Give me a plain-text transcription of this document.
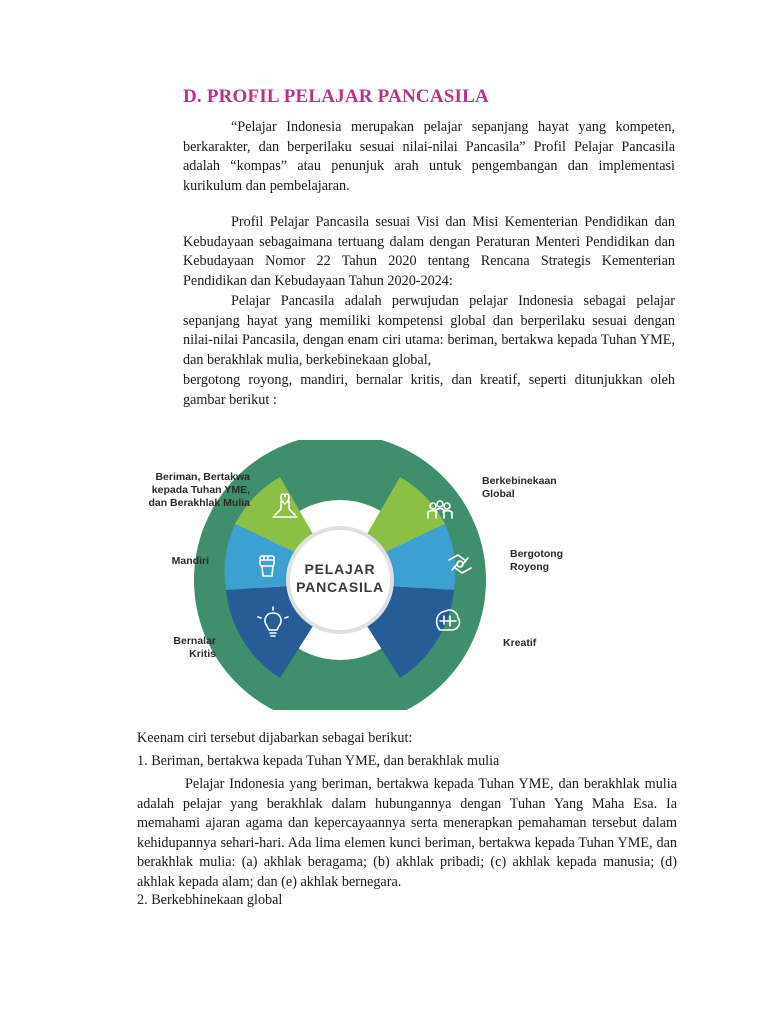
D. PROFIL PELAJAR PANCASILA

“Pelajar Indonesia merupakan pelajar sepanjang hayat yang kompeten, berkarakter, dan berperilaku sesuai nilai-nilai Pancasila” Profil Pelajar Pancasila adalah “kompas” atau penunjuk arah untuk pengembangan dan implementasi kurikulum dan pembelajaran.

Profil Pelajar Pancasila sesuai Visi dan Misi Kementerian Pendidikan dan Kebudayaan sebagaimana tertuang dalam dengan Peraturan Menteri Pendidikan dan Kebudayaan Nomor 22 Tahun 2020 tentang Rencana Strategis Kementerian Pendidikan dan Kebudayaan Tahun 2020-2024:

Pelajar Pancasila adalah perwujudan pelajar Indonesia sebagai pelajar sepanjang hayat yang memiliki kompetensi global dan berperilaku sesuai dengan nilai-nilai Pancasila, dengan enam ciri utama: beriman, bertakwa kepada Tuhan YME, dan berakhlak mulia, berkebinekaan global,

bergotong royong, mandiri, bernalar kritis, dan kreatif, seperti ditunjukkan oleh gambar berikut :

PELAJAR
PANCASILA
Beriman, Bertakwa
kepada Tuhan YME,
dan Berakhlak Mulia
Berkebinekaan
Global
Bergotong
Royong
Kreatif
Bernalar
Kritis
Mandiri

Keenam ciri tersebut dijabarkan sebagai berikut:

1. Beriman, bertakwa kepada Tuhan YME, dan berakhlak mulia

Pelajar Indonesia yang beriman, bertakwa kepada Tuhan YME, dan berakhlak mulia adalah pelajar yang berakhlak dalam hubungannya dengan Tuhan Yang Maha Esa. Ia memahami ajaran agama dan kepercayaannya serta menerapkan pemahaman tersebut dalam kehidupannya sehari-hari. Ada lima elemen kunci beriman, bertakwa kepada Tuhan YME, dan berakhlak mulia: (a) akhlak beragama; (b) akhlak pribadi; (c) akhlak kepada manusia; (d) akhlak kepada alam; dan (e) akhlak bernegara.

2. Berkebhinekaan global
